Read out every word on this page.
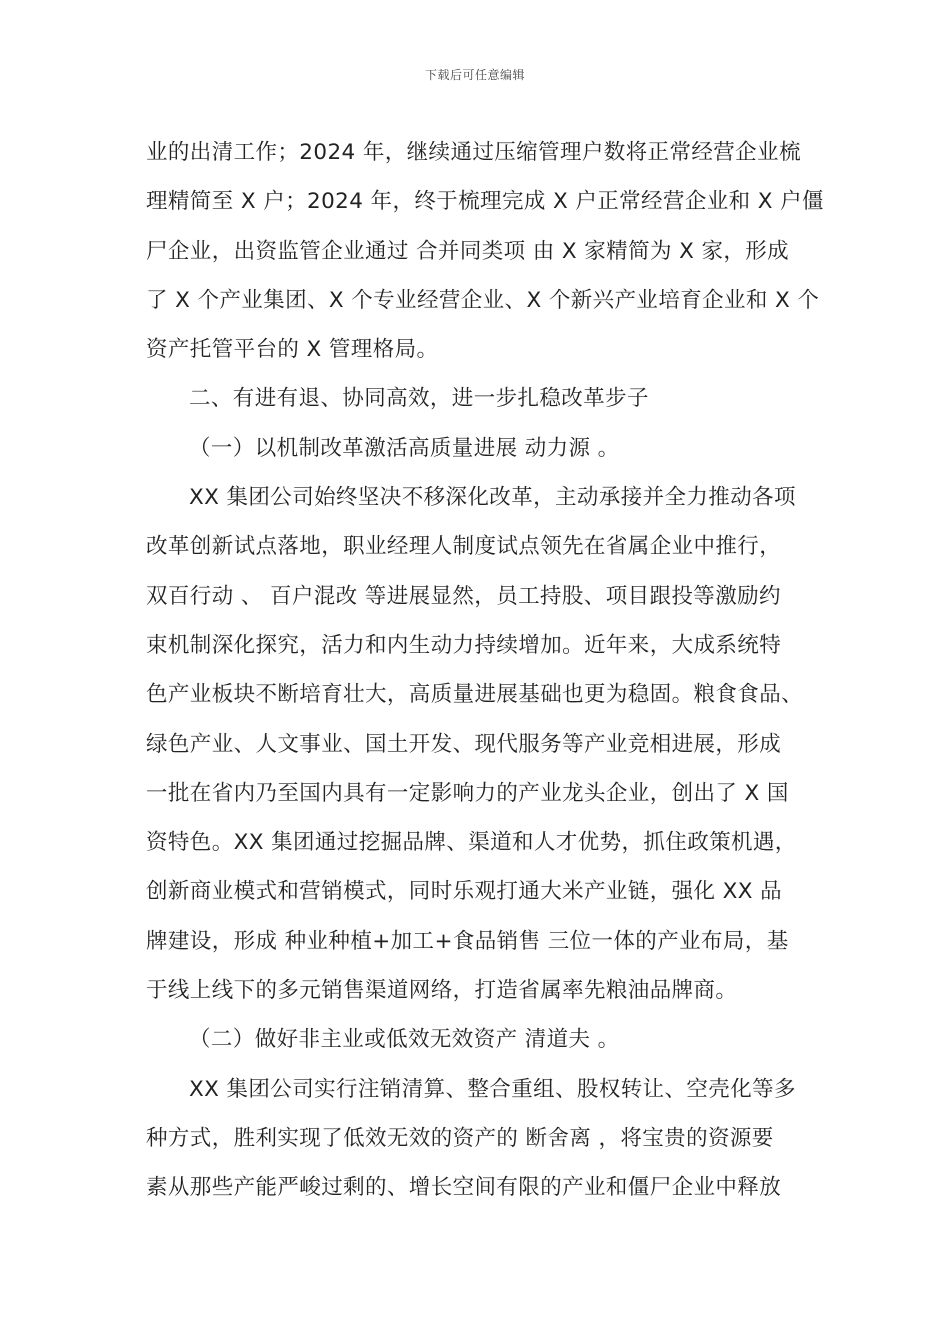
下载后可任意编辑
业的出清工作；2024 年，继续通过压缩管理户数将正常经营企业梳
理精简至 X 户；2024 年，终于梳理完成 X 户正常经营企业和 X 户僵
尸企业，出资监管企业通过 合并同类项 由 X 家精简为 X 家，形成
了 X 个产业集团、X 个专业经营企业、X 个新兴产业培育企业和 X 个
资产托管平台的 X 管理格局。
二、有进有退、协同高效，进一步扎稳改革步子
（一）以机制改革激活高质量进展 动力源 。
XX 集团公司始终坚决不移深化改革，主动承接并全力推动各项
改革创新试点落地，职业经理人制度试点领先在省属企业中推行，
双百行动 、 百户混改 等进展显然，员工持股、项目跟投等激励约
束机制深化探究，活力和内生动力持续增加。近年来，大成系统特
色产业板块不断培育壮大，高质量进展基础也更为稳固。粮食食品、
绿色产业、人文事业、国土开发、现代服务等产业竞相进展，形成
一批在省内乃至国内具有一定影响力的产业龙头企业，创出了 X 国
资特色。XX 集团通过挖掘品牌、渠道和人才优势，抓住政策机遇，
创新商业模式和营销模式，同时乐观打通大米产业链，强化 XX 品
牌建设，形成 种业种植+加工+食品销售 三位一体的产业布局，基
于线上线下的多元销售渠道网络，打造省属率先粮油品牌商。
（二）做好非主业或低效无效资产 清道夫 。
XX 集团公司实行注销清算、整合重组、股权转让、空壳化等多
种方式，胜利实现了低效无效的资产的 断舍离 ，将宝贵的资源要
素从那些产能严峻过剩的、增长空间有限的产业和僵尸企业中释放
